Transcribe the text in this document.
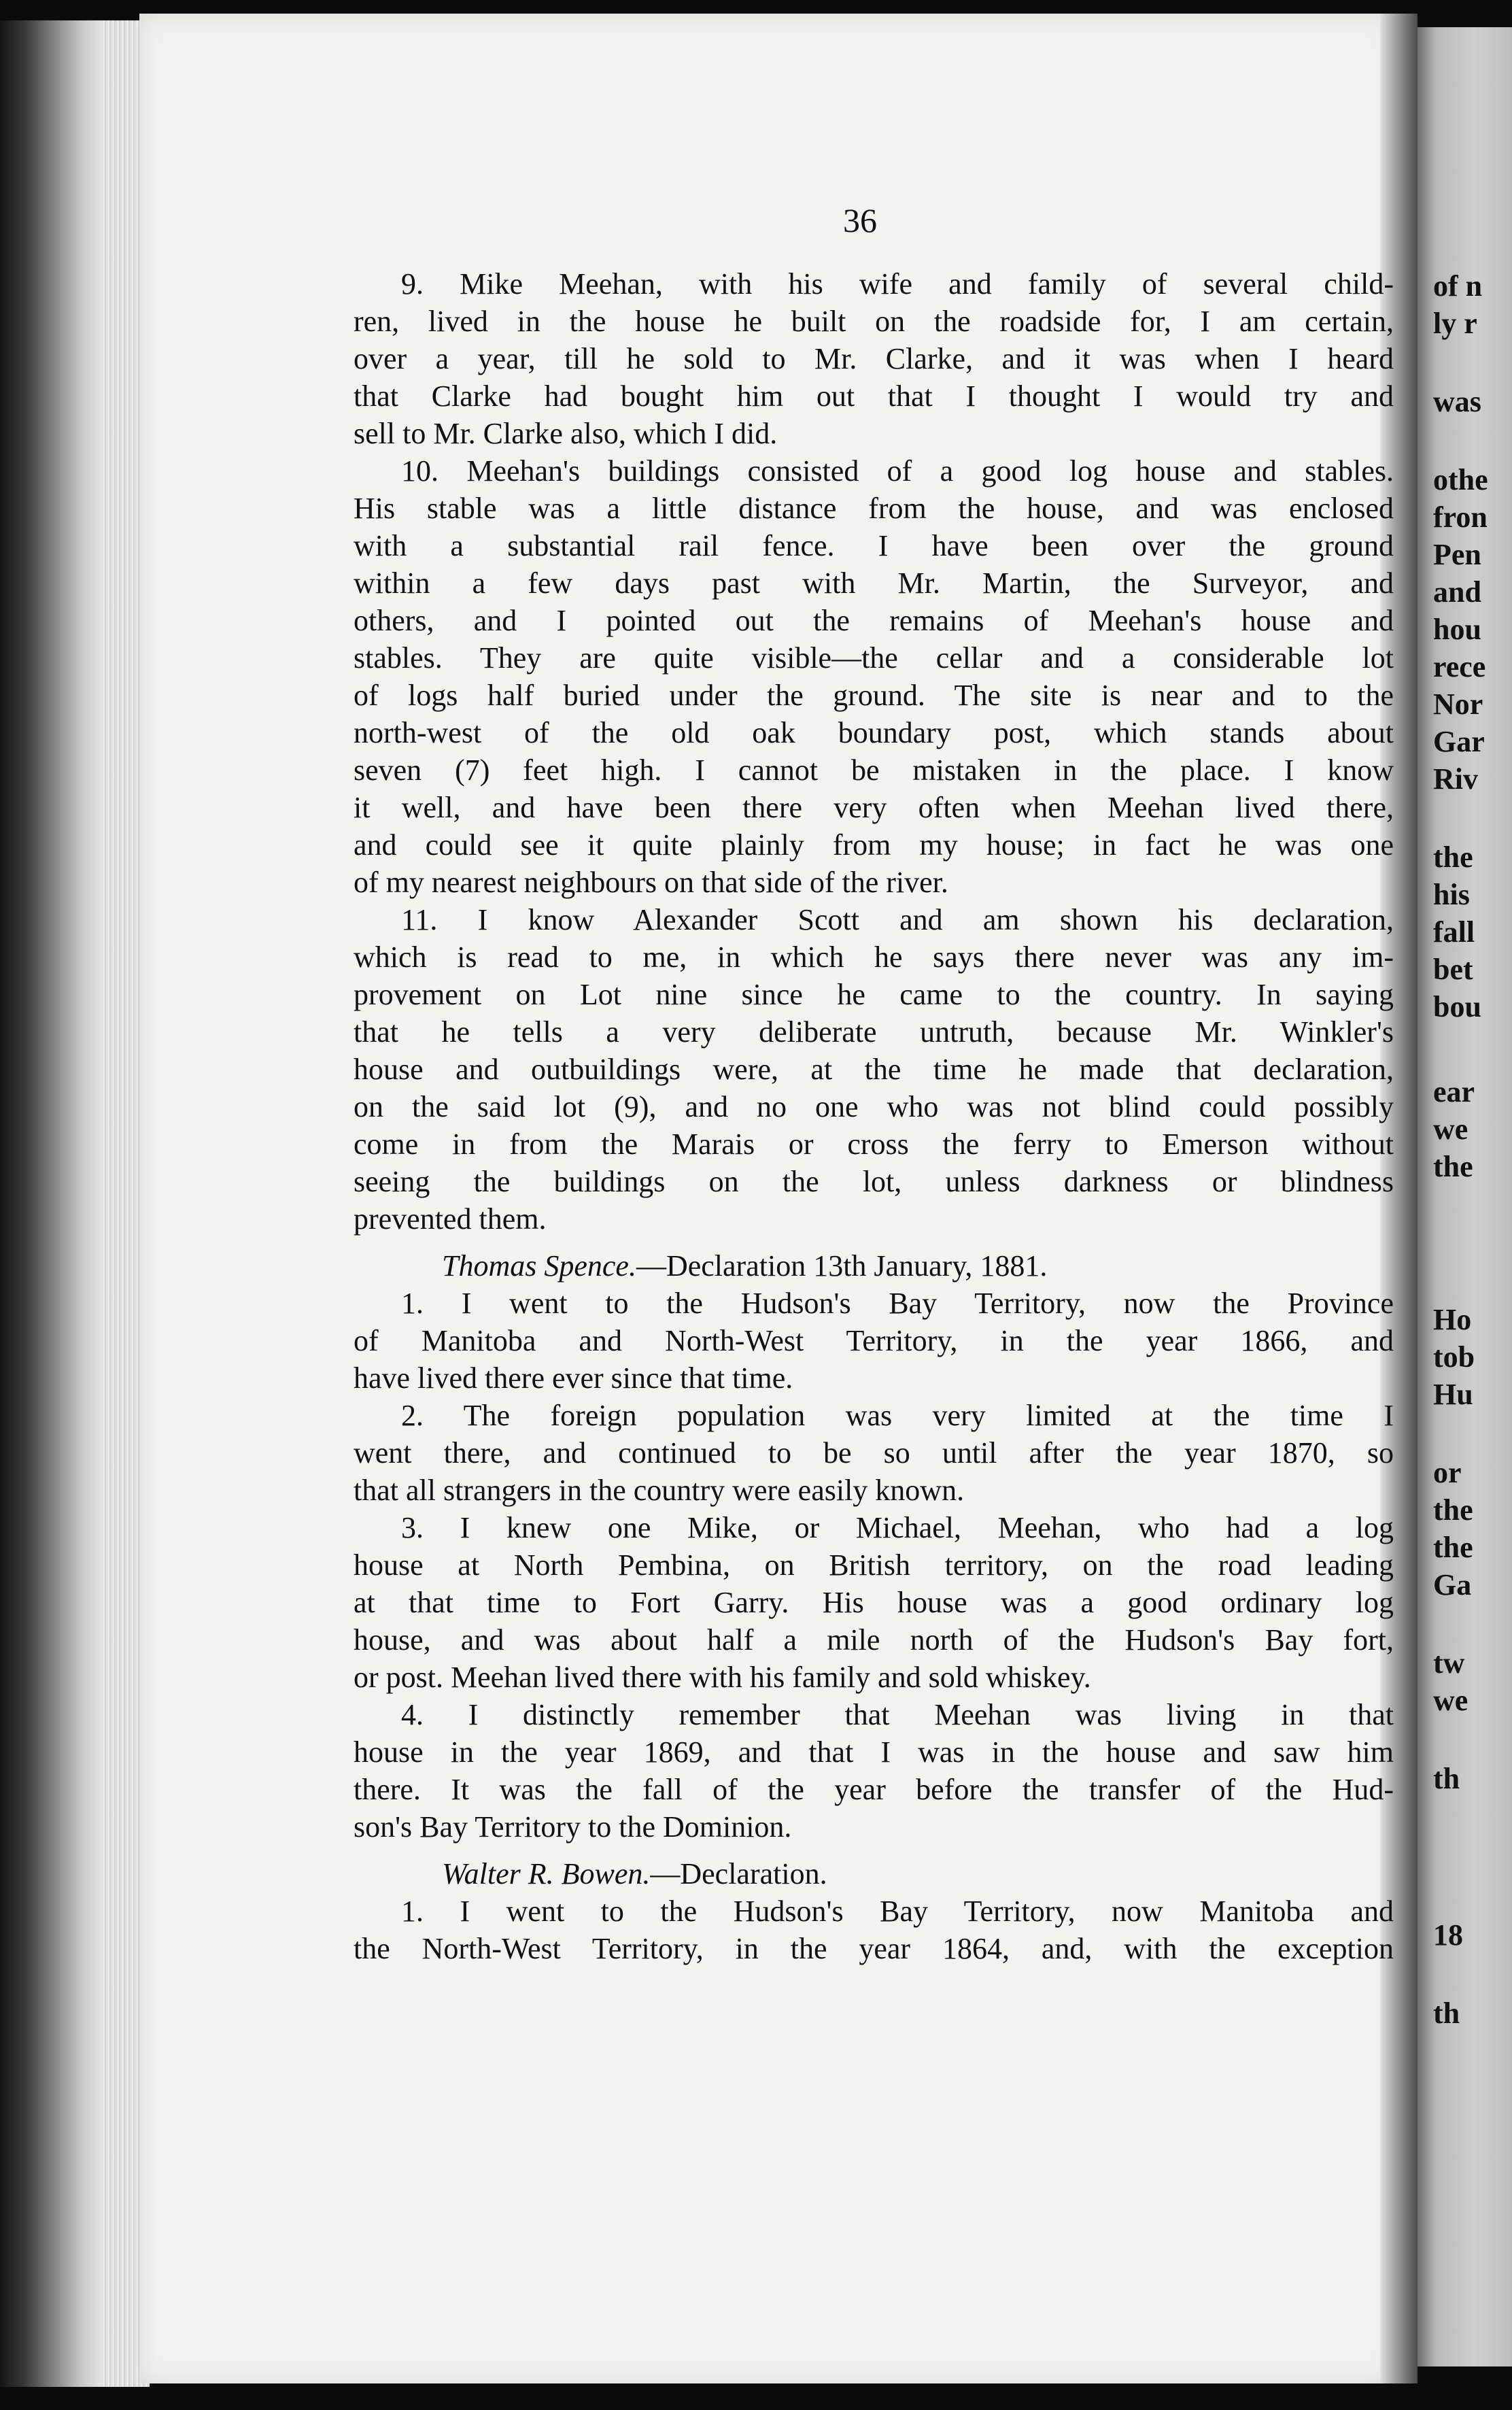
36
9. Mike Meehan, with his wife and family of several child-
ren, lived in the house he built on the roadside for, I am certain,
over a year, till he sold to Mr. Clarke, and it was when I heard
that Clarke had bought him out that I thought I would try and
sell to Mr. Clarke also, which I did.
10. Meehan's buildings consisted of a good log house and stables.
His stable was a little distance from the house, and was enclosed
with a substantial rail fence. I have been over the ground
within a few days past with Mr. Martin, the Surveyor, and
others, and I pointed out the remains of Meehan's house and
stables. They are quite visible—the cellar and a considerable lot
of logs half buried under the ground. The site is near and to the
north-west of the old oak boundary post, which stands about
seven (7) feet high. I cannot be mistaken in the place. I know
it well, and have been there very often when Meehan lived there,
and could see it quite plainly from my house; in fact he was one
of my nearest neighbours on that side of the river.
11. I know Alexander Scott and am shown his declaration,
which is read to me, in which he says there never was any im-
provement on Lot nine since he came to the country. In saying
that he tells a very deliberate untruth, because Mr. Winkler's
house and outbuildings were, at the time he made that declaration,
on the said lot (9), and no one who was not blind could possibly
come in from the Marais or cross the ferry to Emerson without
seeing the buildings on the lot, unless darkness or blindness
prevented them.
Thomas Spence.—Declaration 13th January, 1881.
1. I went to the Hudson's Bay Territory, now the Province
of Manitoba and North-West Territory, in the year 1866, and
have lived there ever since that time.
2. The foreign population was very limited at the time I
went there, and continued to be so until after the year 1870, so
that all strangers in the country were easily known.
3. I knew one Mike, or Michael, Meehan, who had a log
house at North Pembina, on British territory, on the road leading
at that time to Fort Garry. His house was a good ordinary log
house, and was about half a mile north of the Hudson's Bay fort,
or post. Meehan lived there with his family and sold whiskey.
4. I distinctly remember that Meehan was living in that
house in the year 1869, and that I was in the house and saw him
there. It was the fall of the year before the transfer of the Hud-
son's Bay Territory to the Dominion.
Walter R. Bowen.—Declaration.
1. I went to the Hudson's Bay Territory, now Manitoba and
the North-West Territory, in the year 1864, and, with the exception
of n
ly r
was
othe
fron
Pen
and
hou
rece
Nor
Gar
Riv
the
his
fall
bet
bou
ear
we
the
Ho
tob
Hu
or
the
the
Ga
tw
we
th
18
th
